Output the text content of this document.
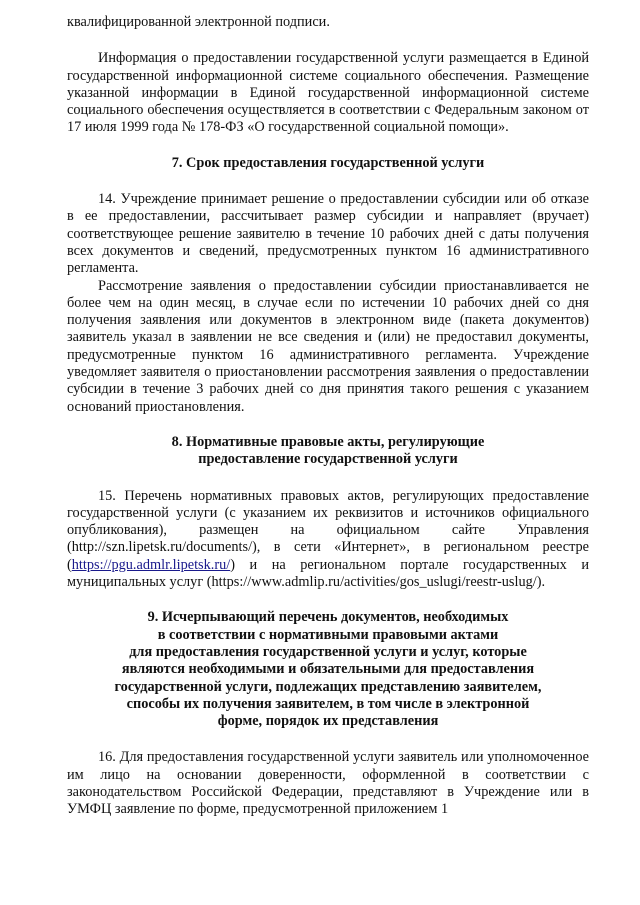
квалифицированной электронной подписи.

Информация о предоставлении государственной услуги размещается в Единой государственной информационной системе социального обеспечения. Размещение указанной информации в Единой государственной информационной системе социального обеспечения осуществляется в соответствии с Федеральным законом от 17 июля 1999 года № 178-ФЗ «О государственной социальной помощи».

7. Срок предоставления государственной услуги

14. Учреждение принимает решение о предоставлении субсидии или об отказе в ее предоставлении, рассчитывает размер субсидии и направляет (вручает) соответствующее решение заявителю в течение 10 рабочих дней с даты получения всех документов и сведений, предусмотренных пунктом 16 административного регламента.

Рассмотрение заявления о предоставлении субсидии приостанавливается не более чем на один месяц, в случае если по истечении 10 рабочих дней со дня получения заявления или документов в электронном виде (пакета документов) заявитель указал в заявлении не все сведения и (или) не предоставил документы, предусмотренные пунктом 16 административного регламента. Учреждение уведомляет заявителя о приостановлении рассмотрения заявления о предоставлении субсидии в течение 3 рабочих дней со дня принятия такого решения с указанием оснований приостановления.

8. Нормативные правовые акты, регулирующие
предоставление государственной услуги

15. Перечень нормативных правовых актов, регулирующих предоставление государственной услуги (с указанием их реквизитов и источников официального опубликования), размещен на официальном сайте Управления (http://szn.lipetsk.ru/documents/), в сети «Интернет», в региональном реестре (https://pgu.admlr.lipetsk.ru/) и на региональном портале государственных и муниципальных услуг (https://www.admlip.ru/activities/gos_uslugi/reestr-uslug/).

9. Исчерпывающий перечень документов, необходимых
в соответствии с нормативными правовыми актами
для предоставления государственной услуги и услуг, которые
являются необходимыми и обязательными для предоставления
государственной услуги, подлежащих представлению заявителем,
способы их получения заявителем, в том числе в электронной
форме, порядок их представления

16. Для предоставления государственной услуги заявитель или уполномоченное им лицо на основании доверенности, оформленной в соответствии с законодательством Российской Федерации, представляют в Учреждение или в УМФЦ заявление по форме, предусмотренной приложением 1
